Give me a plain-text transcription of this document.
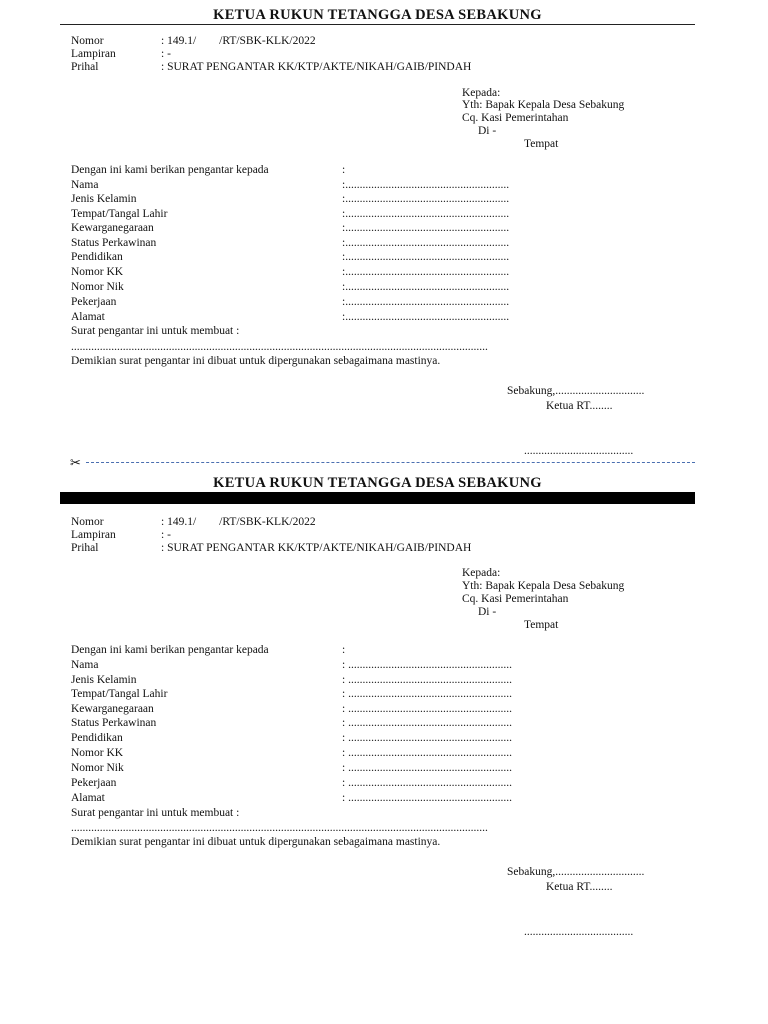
KETUA RUKUN TETANGGA DESA SEBAKUNG
Nomor	: 149.1/        /RT/SBK-KLK/2022
Lampiran	: -
Prihal	: SURAT PENGANTAR KK/KTP/AKTE/NIKAH/GAIB/PINDAH
Kepada:
Yth: Bapak Kepala Desa Sebakung
Cq. Kasi Pemerintahan
Di -
Tempat
Dengan ini kami berikan pengantar kepada	:
Nama	:.........................................................
Jenis Kelamin	:.........................................................
Tempat/Tangal Lahir	:.........................................................
Kewarganegaraan	:.........................................................
Status Perkawinan	:.........................................................
Pendidikan	:.........................................................
Nomor KK	:.........................................................
Nomor Nik	:.........................................................
Pekerjaan	:.........................................................
Alamat	:.........................................................
Surat pengantar ini untuk membuat :
.................................................................................................................................................
Demikian surat pengantar ini dibuat untuk dipergunakan sebagaimana mastinya.
Sebakung,...............................
Ketua RT........
......................................
✂
KETUA RUKUN TETANGGA DESA SEBAKUNG
Nomor	: 149.1/        /RT/SBK-KLK/2022
Lampiran	: -
Prihal	: SURAT PENGANTAR KK/KTP/AKTE/NIKAH/GAIB/PINDAH
Kepada:
Yth: Bapak Kepala Desa Sebakung
Cq. Kasi Pemerintahan
Di -
Tempat
Dengan ini kami berikan pengantar kepada	:
Nama	: .........................................................
Jenis Kelamin	: .........................................................
Tempat/Tangal Lahir	: .........................................................
Kewarganegaraan	: .........................................................
Status Perkawinan	: .........................................................
Pendidikan	: .........................................................
Nomor KK	: .........................................................
Nomor Nik	: .........................................................
Pekerjaan	: .........................................................
Alamat	: .........................................................
Surat pengantar ini untuk membuat :
.................................................................................................................................................
Demikian surat pengantar ini dibuat untuk dipergunakan sebagaimana mastinya.
Sebakung,...............................
Ketua RT........
......................................
